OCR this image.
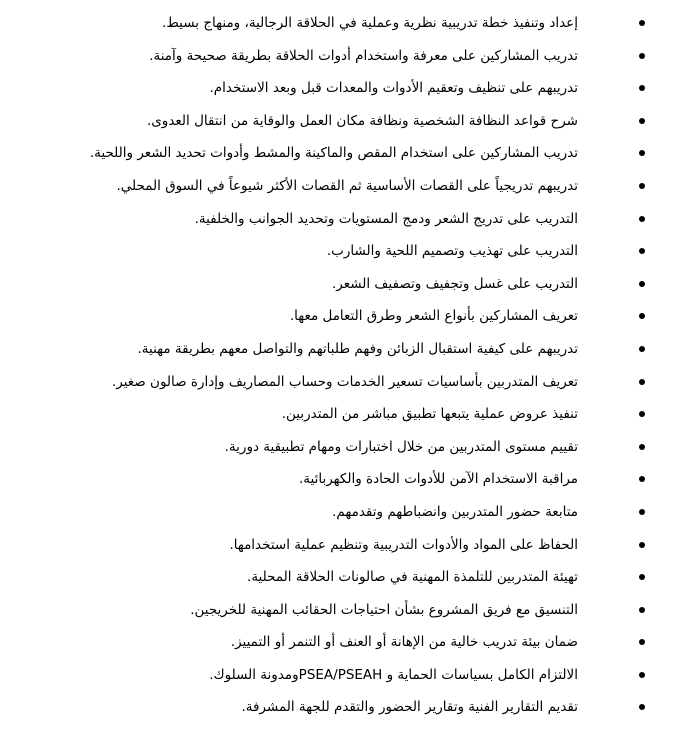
إعداد وتنفيذ خطة تدريبية نظرية وعملية في الحلاقة الرجالية، ومنهاج بسيط.
تدريب المشاركين على معرفة واستخدام أدوات الحلاقة بطريقة صحيحة وآمنة.
تدريبهم على تنظيف وتعقيم الأدوات والمعدات قبل وبعد الاستخدام.
شرح قواعد النظافة الشخصية ونظافة مكان العمل والوقاية من انتقال العدوى.
تدريب المشاركين على استخدام المقص والماكينة والمشط وأدوات تحديد الشعر واللحية.
تدريبهم تدريجياً على القصات الأساسية ثم القصات الأكثر شيوعاً في السوق المحلي.
التدريب على تدريج الشعر ودمج المستويات وتحديد الجوانب والخلفية.
التدريب على تهذيب وتصميم اللحية والشارب.
التدريب على غسل وتجفيف وتصفيف الشعر.
تعريف المشاركين بأنواع الشعر وطرق التعامل معها.
تدريبهم على كيفية استقبال الزبائن وفهم طلباتهم والتواصل معهم بطريقة مهنية.
تعريف المتدربين بأساسيات تسعير الخدمات وحساب المصاريف وإدارة صالون صغير.
تنفيذ عروض عملية يتبعها تطبيق مباشر من المتدربين.
تقييم مستوى المتدربين من خلال اختبارات ومهام تطبيقية دورية.
مراقبة الاستخدام الآمن للأدوات الحادة والكهربائية.
متابعة حضور المتدربين وانضباطهم وتقدمهم.
الحفاظ على المواد والأدوات التدريبية وتنظيم عملية استخدامها.
تهيئة المتدربين للتلمذة المهنية في صالونات الحلاقة المحلية.
التنسيق مع فريق المشروع بشأن احتياجات الحقائب المهنية للخريجين.
ضمان بيئة تدريب خالية من الإهانة أو العنف أو التنمر أو التمييز.
الالتزام الكامل بسياسات الحماية و PSEA/PSEAHومدونة السلوك.
تقديم التقارير الفنية وتقارير الحضور والتقدم للجهة المشرفة.
